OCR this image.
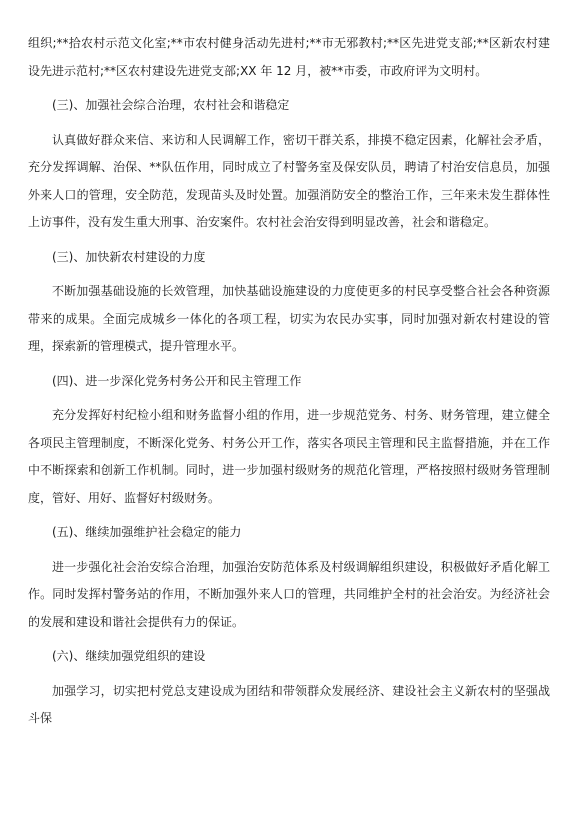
组织;**拾农村示范文化室;**市农村健身活动先进村;**市无邪教村;**区先进党支部;**区新农村建设先进示范村;**区农村建设先进党支部;XX 年 12 月，被**市委，市政府评为文明村。

(三)、加强社会综合治理，农村社会和谐稳定

认真做好群众来信、来访和人民调解工作，密切干群关系，排摸不稳定因素，化解社会矛盾，充分发挥调解、治保、**队伍作用，同时成立了村警务室及保安队员，聘请了村治安信息员，加强外来人口的管理，安全防范，发现苗头及时处置。加强消防安全的整治工作，三年来未发生群体性上访事件，没有发生重大刑事、治安案件。农村社会治安得到明显改善，社会和谐稳定。

(三)、加快新农村建设的力度

不断加强基础设施的长效管理，加快基础设施建设的力度使更多的村民享受整合社会各种资源带来的成果。全面完成城乡一体化的各项工程，切实为农民办实事，同时加强对新农村建设的管理，探索新的管理模式，提升管理水平。

(四)、进一步深化党务村务公开和民主管理工作

充分发挥好村纪检小组和财务监督小组的作用，进一步规范党务、村务、财务管理，建立健全各项民主管理制度，不断深化党务、村务公开工作，落实各项民主管理和民主监督措施，并在工作中不断探索和创新工作机制。同时，进一步加强村级财务的规范化管理，严格按照村级财务管理制度，管好、用好、监督好村级财务。

(五)、继续加强维护社会稳定的能力

进一步强化社会治安综合治理，加强治安防范体系及村级调解组织建设，积极做好矛盾化解工作。同时发挥村警务站的作用，不断加强外来人口的管理，共同维护全村的社会治安。为经济社会的发展和建设和谐社会提供有力的保证。

(六)、继续加强党组织的建设

加强学习，切实把村党总支建设成为团结和带领群众发展经济、建设社会主义新农村的坚强战斗保
